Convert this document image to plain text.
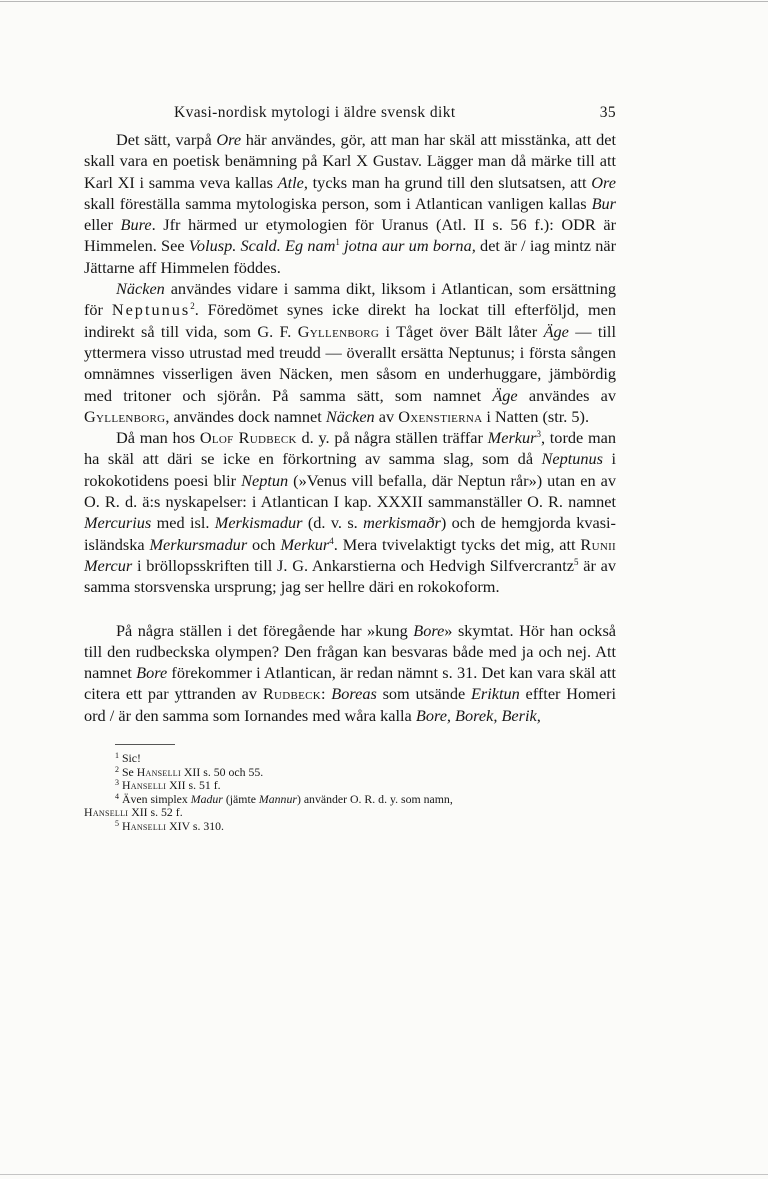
Kvasi-nordisk mytologi i äldre svensk dikt	35

Det sätt, varpå Ore här användes, gör, att man har skäl att misstänka, att det skall vara en poetisk benämning på Karl X Gustav. Lägger man då märke till att Karl XI i samma veva kallas Atle, tycks man ha grund till den slutsatsen, att Ore skall föreställa samma mytologiska person, som i Atlantican vanligen kallas Bur eller Bure. Jfr härmed ur etymologien för Uranus (Atl. II s. 56 f.): ODR är Himmelen. See Volusp. Scald. Eg nam$^1$ jotna aur um borna, det är / iag mintz när Jättarne aff Himmelen föddes.

Näcken användes vidare i samma dikt, liksom i Atlantican, som ersättning för Neptunus$^2$. Föredömet synes icke direkt ha lockat till efterföljd, men indirekt så till vida, som G. F. Gyllenborg i Tåget över Bält låter Äge — till yttermera visso utrustad med treudd — överallt ersätta Neptunus; i första sången omnämnes visserligen även Näcken, men såsom en underhuggare, jämbördig med tritoner och sjörån. På samma sätt, som namnet Äge användes av Gyllenborg, användes dock namnet Näcken av Oxenstierna i Natten (str. 5).

Då man hos Olof Rudbeck d. y. på några ställen träffar Merkur$^3$, torde man ha skäl att däri se icke en förkortning av samma slag, som då Neptunus i rokokotidens poesi blir Neptun (»Venus vill befalla, där Neptun rår») utan en av O. R. d. ä:s nyskapelser: i Atlantican I kap. XXXII sammanställer O. R. namnet Mercurius med isl. Merkismadur (d. v. s. merkismaðr) och de hemgjorda kvasi-isländska Merkursmadur och Merkur$^4$. Mera tvivelaktigt tycks det mig, att Runii Mercur i bröllopsskriften till J. G. Ankarstierna och Hedvigh Silfvercrantz$^5$ är av samma storsvenska ursprung; jag ser hellre däri en rokokoform.

På några ställen i det föregående har »kung Bore» skymtat. Hör han också till den rudbeckska olympen? Den frågan kan besvaras både med ja och nej. Att namnet Bore förekommer i Atlantican, är redan nämnt s. 31. Det kan vara skäl att citera ett par yttranden av Rudbeck: Boreas som utsände Eriktun effter Homeri ord / är den samma som Iornandes med wåra kalla Bore, Borek, Berik,

$^1$ Sic!
$^2$ Se Hanselli XII s. 50 och 55.
$^3$ Hanselli XII s. 51 f.
$^4$ Även simplex Madur (jämte Mannur) använder O. R. d. y. som namn,
Hanselli XII s. 52 f.
$^5$ Hanselli XIV s. 310.
